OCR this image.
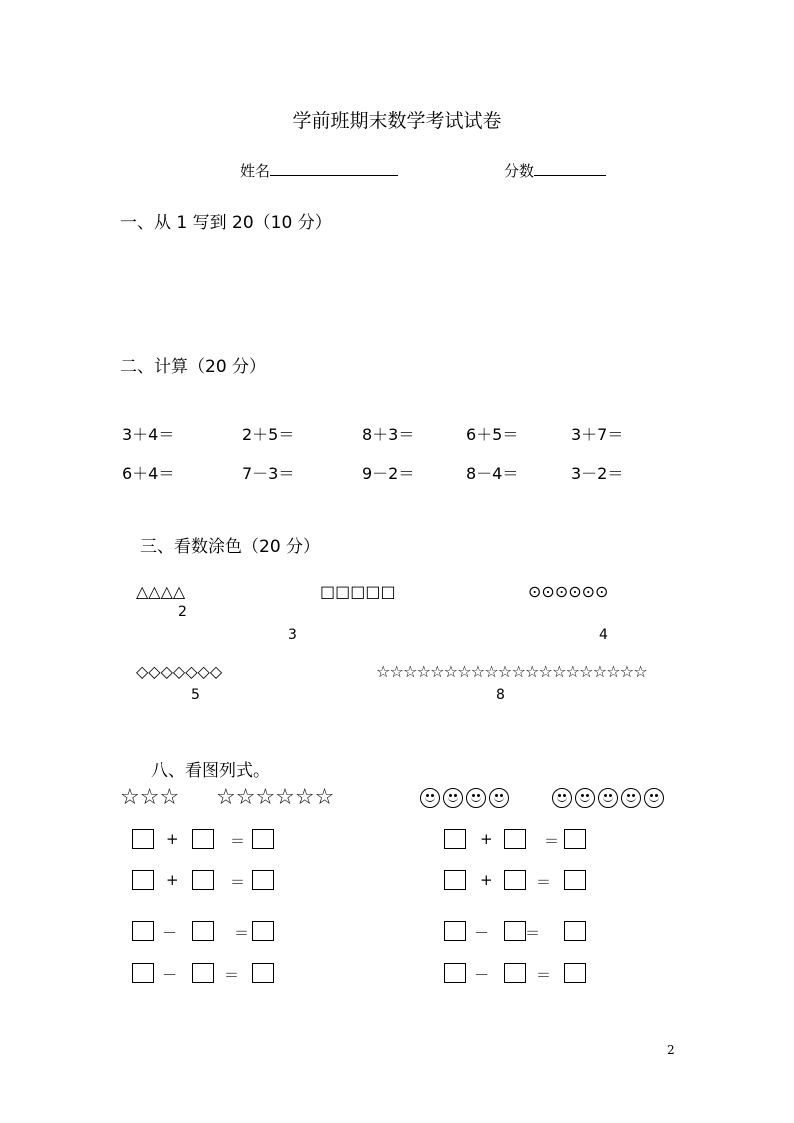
学前班期末数学考试试卷
姓名	分数
一、从 1 写到 20（10 分）
二、计算（20 分）
3＋4＝	2＋5＝	8＋3＝	6＋5＝	3＋7＝
6＋4＝	7－3＝	9－2＝	8－4＝	3－2＝
三、看数涂色（20 分）
△△△△
2
□□□□□
3
⊙⊙⊙⊙⊙⊙
4
◇◇◇◇◇◇◇
5
☆☆☆☆☆☆☆☆☆☆☆☆☆☆☆☆☆☆☆☆
8
八、看图列式。
☆☆☆ ☆☆☆☆☆☆
+	＝
+	＝
－	＝
－	＝
+	＝
+	＝
－ ＝
－	＝
2
